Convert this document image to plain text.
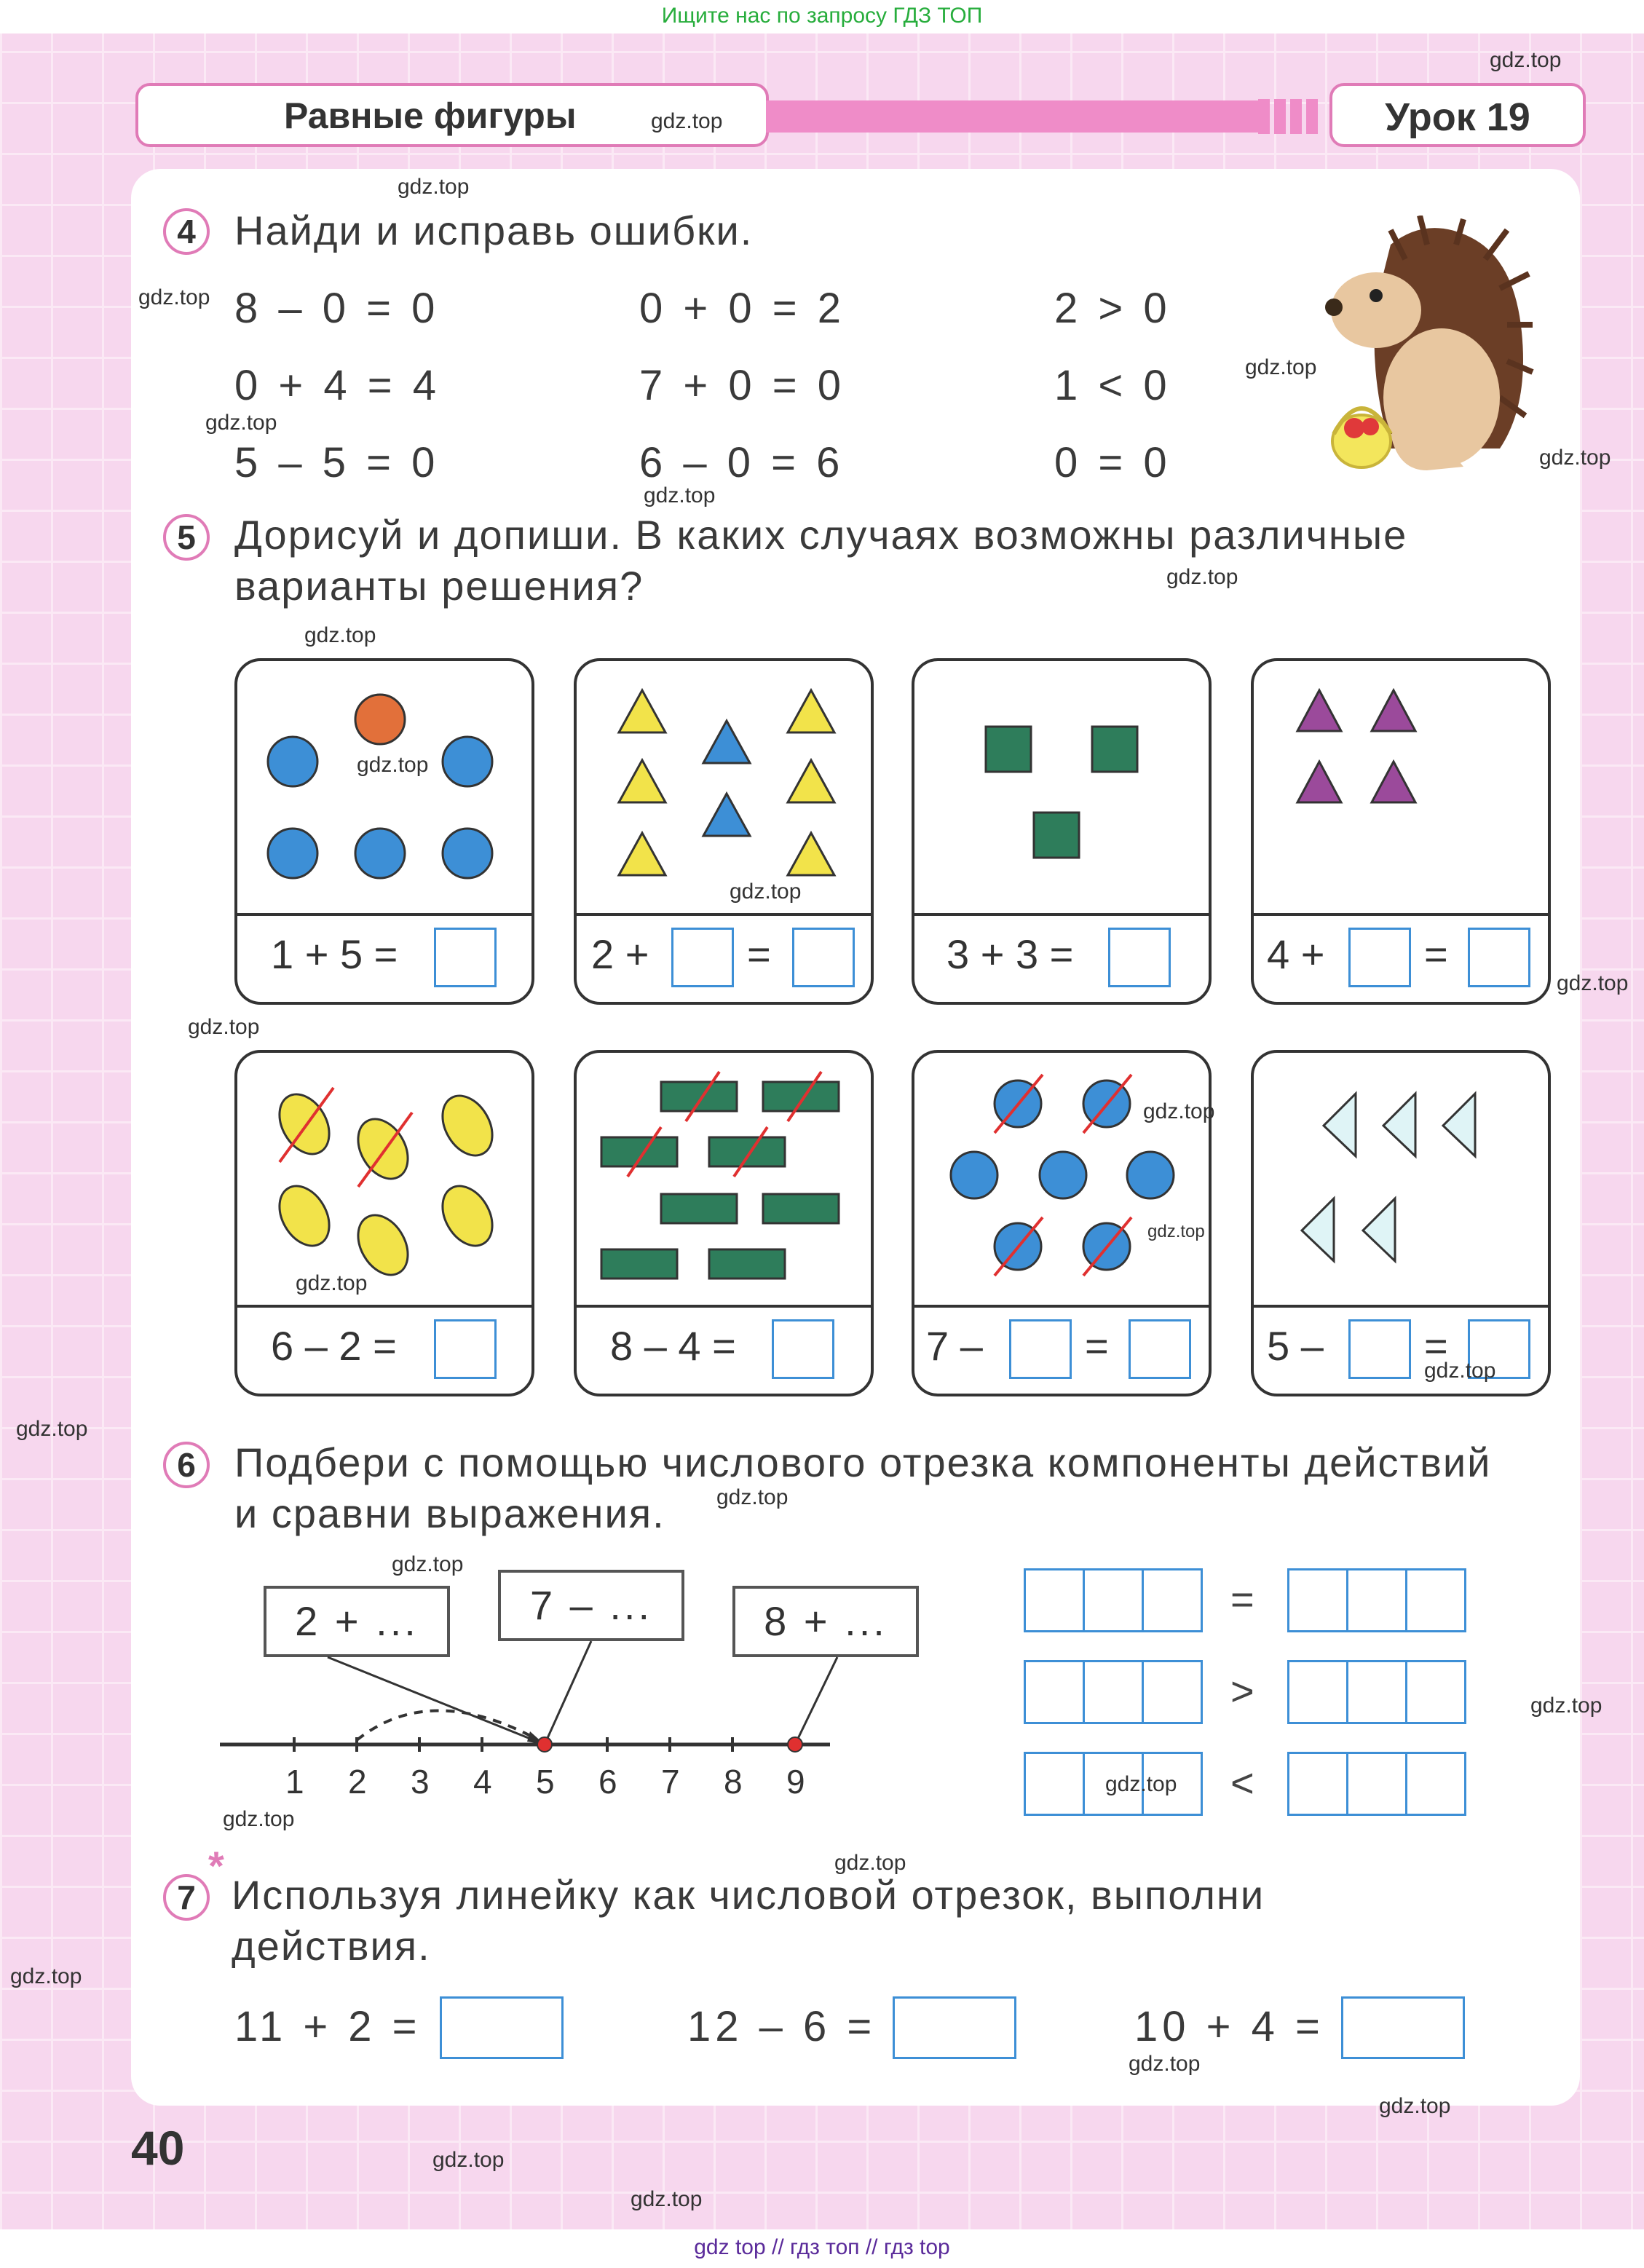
Ищите нас по запросу ГДЗ ТОП
Равные фигуры	Урок 19
4 Найди и исправь ошибки.
8 – 0 = 0	0 + 0 = 2	2 > 0
0 + 4 = 4	7 + 0 = 0	1 < 0
5 – 5 = 0	6 – 0 = 6	0 = 0
5 Дорисуй и допиши. В каких случаях возможны различные
варианты решения?
1 + 5 =	2 + =	3 + 3 =	4 + =
6 – 2 =	8 – 4 =	7 –	=	5 – =
6 Подбери с помощью числового отрезка компоненты действий
и сравни выражения.
2 + ...	7 – ...	8 + ...
1 2 3 4 5 6 7 8 9
=
>
<
*
7 Используя линейку как числовой отрезок, выполни
действия.
11 + 2 =	12 – 6 =	10 + 4 =
40
gdz.top
gdz.top
gdz.top
gdz.top
gdz.top
gdz.top
gdz.top
gdz.top
gdz.top
gdz.top
gdz.top
gdz.top
gdz.top
gdz.top
gdz.top
gdz.top
gdz.top
gdz.top
gdz.top
gdz.top
gdz.top
gdz.top
gdz.top
gdz.top
gdz.top
gdz.top
gdz.top
gdz.top
gdz.top
gdz.top
gdz top // гдз топ // гдз top
